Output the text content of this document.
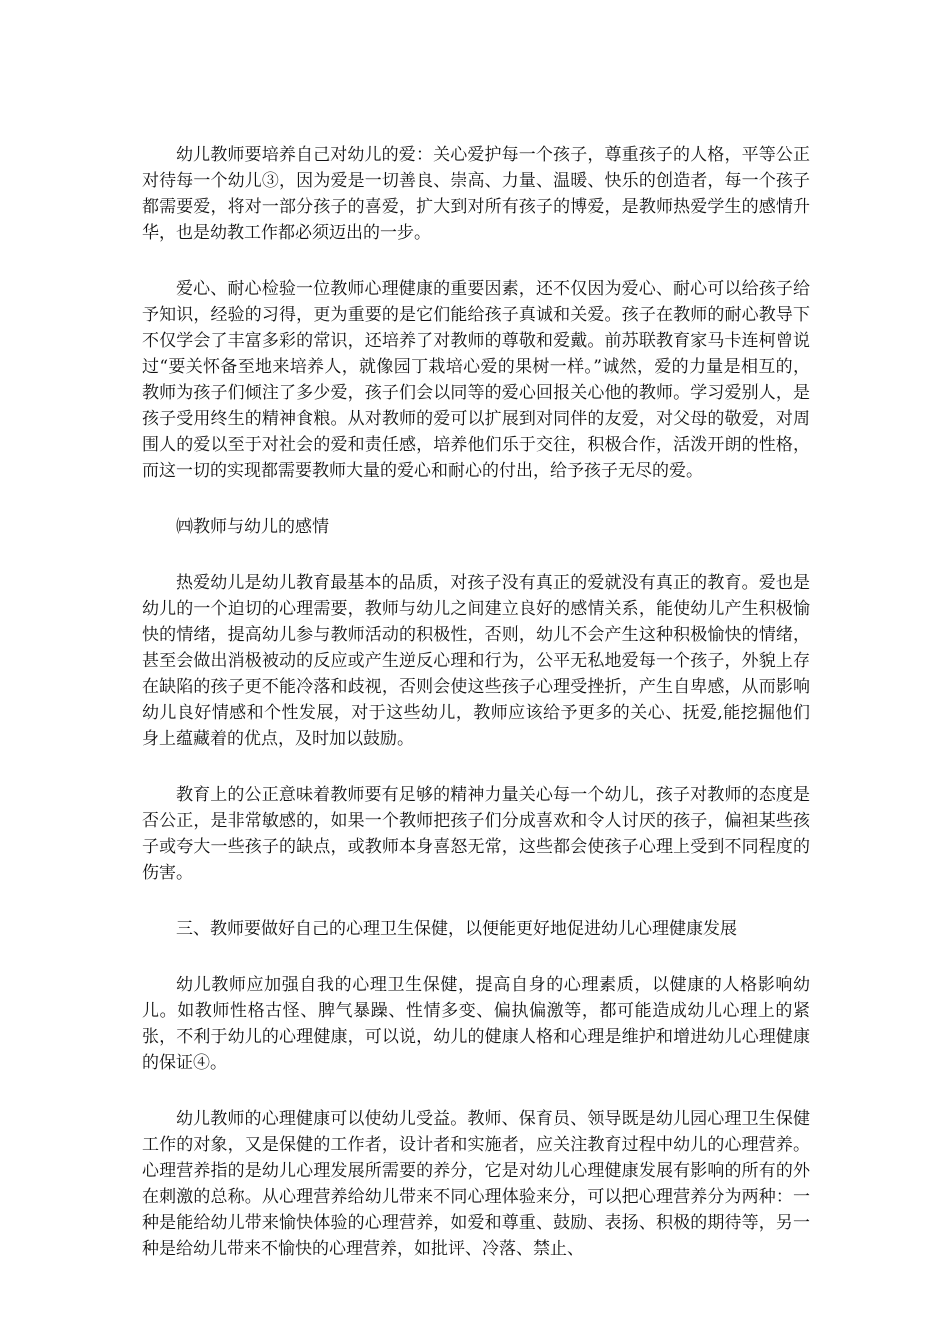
幼儿教师要培养自己对幼儿的爱：关心爱护每一个孩子，尊重孩子的人格，平等公正对待每一个幼儿③，因为爱是一切善良、崇高、力量、温暖、快乐的创造者，每一个孩子都需要爱，将对一部分孩子的喜爱，扩大到对所有孩子的博爱，是教师热爱学生的感情升华，也是幼教工作都必须迈出的一步。

爱心、耐心检验一位教师心理健康的重要因素，还不仅因为爱心、耐心可以给孩子给予知识，经验的习得，更为重要的是它们能给孩子真诚和关爱。孩子在教师的耐心教导下不仅学会了丰富多彩的常识，还培养了对教师的尊敬和爱戴。前苏联教育家马卡连柯曾说过“要关怀备至地来培养人，就像园丁栽培心爱的果树一样。”诚然，爱的力量是相互的，教师为孩子们倾注了多少爱，孩子们会以同等的爱心回报关心他的教师。学习爱别人，是孩子受用终生的精神食粮。从对教师的爱可以扩展到对同伴的友爱，对父母的敬爱，对周围人的爱以至于对社会的爱和责任感，培养他们乐于交往，积极合作，活泼开朗的性格，而这一切的实现都需要教师大量的爱心和耐心的付出，给予孩子无尽的爱。

㈣教师与幼儿的感情

热爱幼儿是幼儿教育最基本的品质，对孩子没有真正的爱就没有真正的教育。爱也是幼儿的一个迫切的心理需要，教师与幼儿之间建立良好的感情关系，能使幼儿产生积极愉快的情绪，提高幼儿参与教师活动的积极性，否则，幼儿不会产生这种积极愉快的情绪，甚至会做出消极被动的反应或产生逆反心理和行为，公平无私地爱每一个孩子，外貌上存在缺陷的孩子更不能冷落和歧视，否则会使这些孩子心理受挫折，产生自卑感，从而影响幼儿良好情感和个性发展，对于这些幼儿，教师应该给予更多的关心、抚爱,能挖掘他们身上蕴藏着的优点，及时加以鼓励。

教育上的公正意味着教师要有足够的精神力量关心每一个幼儿，孩子对教师的态度是否公正，是非常敏感的，如果一个教师把孩子们分成喜欢和令人讨厌的孩子，偏袒某些孩子或夸大一些孩子的缺点，或教师本身喜怒无常，这些都会使孩子心理上受到不同程度的伤害。

三、教师要做好自己的心理卫生保健，以便能更好地促进幼儿心理健康发展

幼儿教师应加强自我的心理卫生保健，提高自身的心理素质，以健康的人格影响幼儿。如教师性格古怪、脾气暴躁、性情多变、偏执偏激等，都可能造成幼儿心理上的紧张，不利于幼儿的心理健康，可以说，幼儿的健康人格和心理是维护和增进幼儿心理健康的保证④。

幼儿教师的心理健康可以使幼儿受益。教师、保育员、领导既是幼儿园心理卫生保健工作的对象，又是保健的工作者，设计者和实施者，应关注教育过程中幼儿的心理营养。心理营养指的是幼儿心理发展所需要的养分，它是对幼儿心理健康发展有影响的所有的外在刺激的总称。从心理营养给幼儿带来不同心理体验来分，可以把心理营养分为两种：一种是能给幼儿带来愉快体验的心理营养，如爱和尊重、鼓励、表扬、积极的期待等，另一种是给幼儿带来不愉快的心理营养，如批评、冷落、禁止、
